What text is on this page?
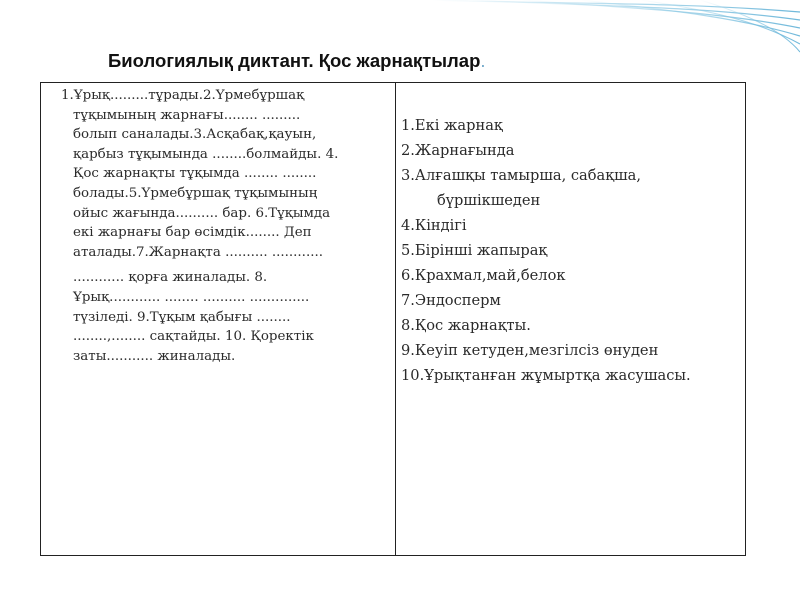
Биологиялық диктант. Қос жарнақтылар.
1.Ұрық.........тұрады.2.Үрмебұршақ
тұқымының жарнағы........ .........
болып саналады.3.Асқабақ,қауын,
қарбыз тұқымында ........болмайды. 4.
Қос жарнақты тұқымда ........ ........
болады.5.Үрмебұршақ тұқымының
ойыс жағында.......... бар. 6.Тұқымда
екі жарнағы бар өсімдік........ Деп
аталады.7.Жарнақта .......... ............
............ қорға жиналады. 8.
Ұрық............ ........ .......... ..............
түзіледі. 9.Тұқым қабығы ........
........,........ сақтайды. 10. Қоректік
заты........... жиналады.
1.Екі жарнақ
2.Жарнағында
3.Алғашқы тамырша, сабақша,
бүршікшеден
4.Кіндігі
5.Бірінші жапырақ
6.Крахмал,май,белок
7.Эндосперм
8.Қос жарнақты.
9.Кеуіп кетуден,мезгілсіз өнуден
10.Ұрықтанған жұмыртқа жасушасы.
